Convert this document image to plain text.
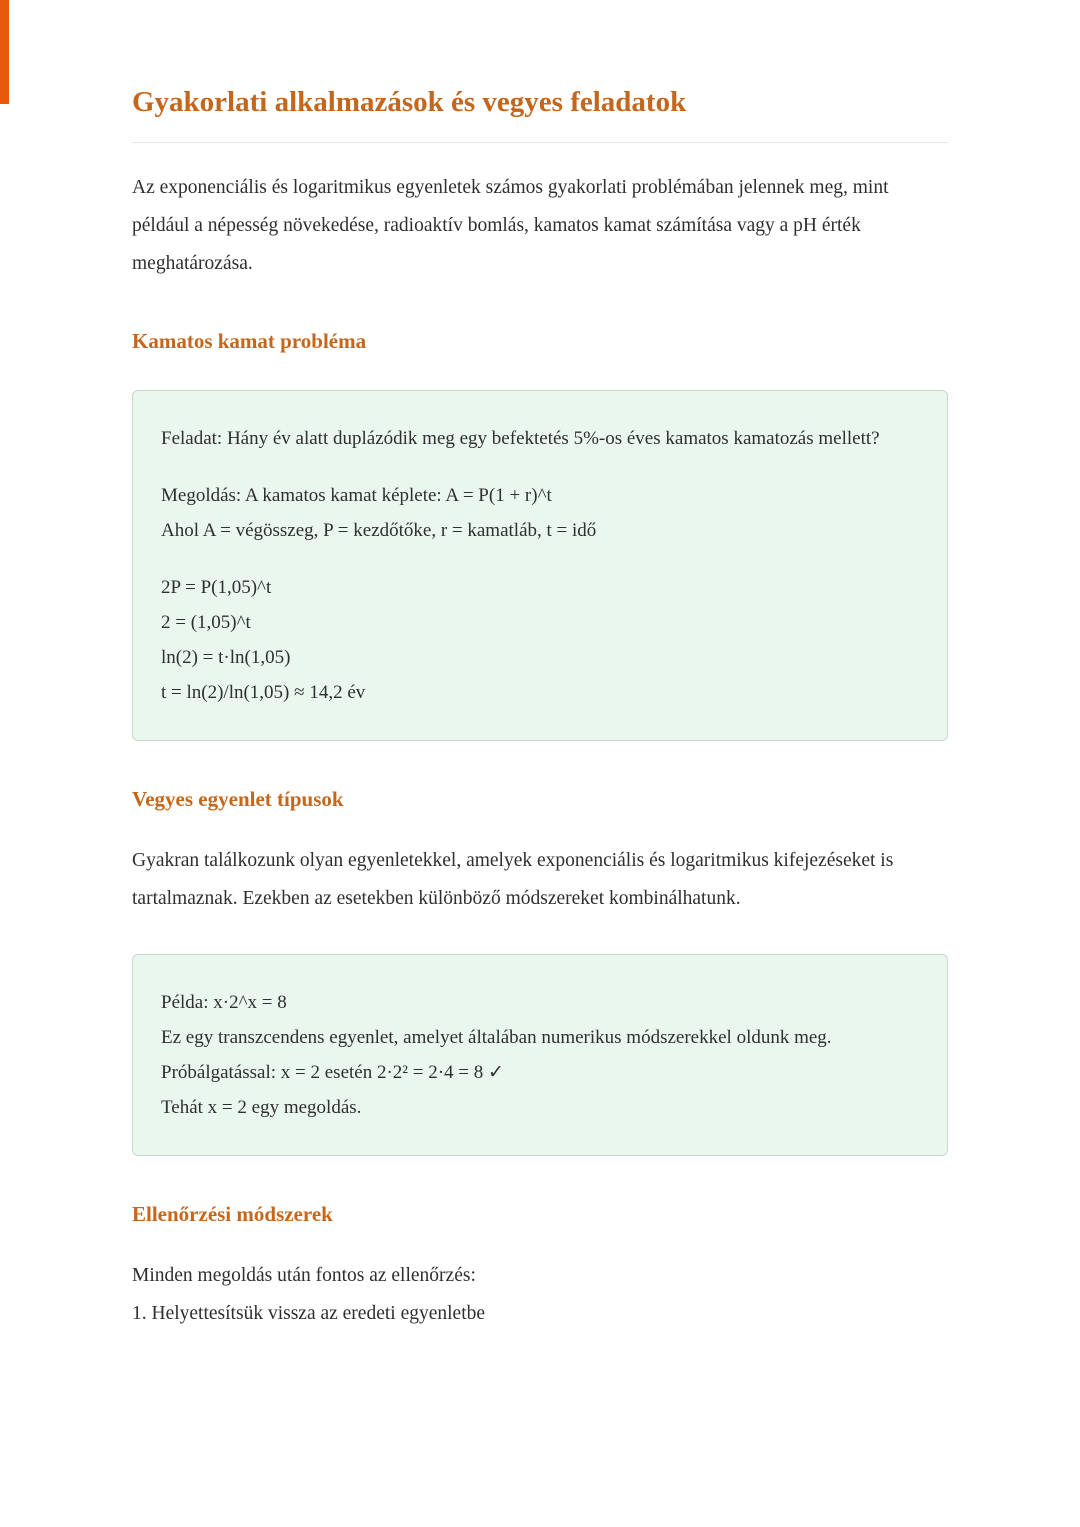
Gyakorlati alkalmazások és vegyes feladatok

Az exponenciális és logaritmikus egyenletek számos gyakorlati problémában jelennek meg, mint például a népesség növekedése, radioaktív bomlás, kamatos kamat számítása vagy a pH érték meghatározása.

Kamatos kamat probléma

Feladat: Hány év alatt duplázódik meg egy befektetés 5%-os éves kamatos kamatozás mellett?

Megoldás: A kamatos kamat képlete: A = P(1 + r)^t
Ahol A = végösszeg, P = kezdőtőke, r = kamatláb, t = idő

2P = P(1,05)^t
2 = (1,05)^t
ln(2) = t·ln(1,05)
t = ln(2)/ln(1,05) ≈ 14,2 év

Vegyes egyenlet típusok

Gyakran találkozunk olyan egyenletekkel, amelyek exponenciális és logaritmikus kifejezéseket is tartalmaznak. Ezekben az esetekben különböző módszereket kombinálhatunk.

Példa: x·2^x = 8
Ez egy transzcendens egyenlet, amelyet általában numerikus módszerekkel oldunk meg.
Próbálgatással: x = 2 esetén 2·2² = 2·4 = 8 ✓
Tehát x = 2 egy megoldás.

Ellenőrzési módszerek

Minden megoldás után fontos az ellenőrzés:
1. Helyettesítsük vissza az eredeti egyenletbe
